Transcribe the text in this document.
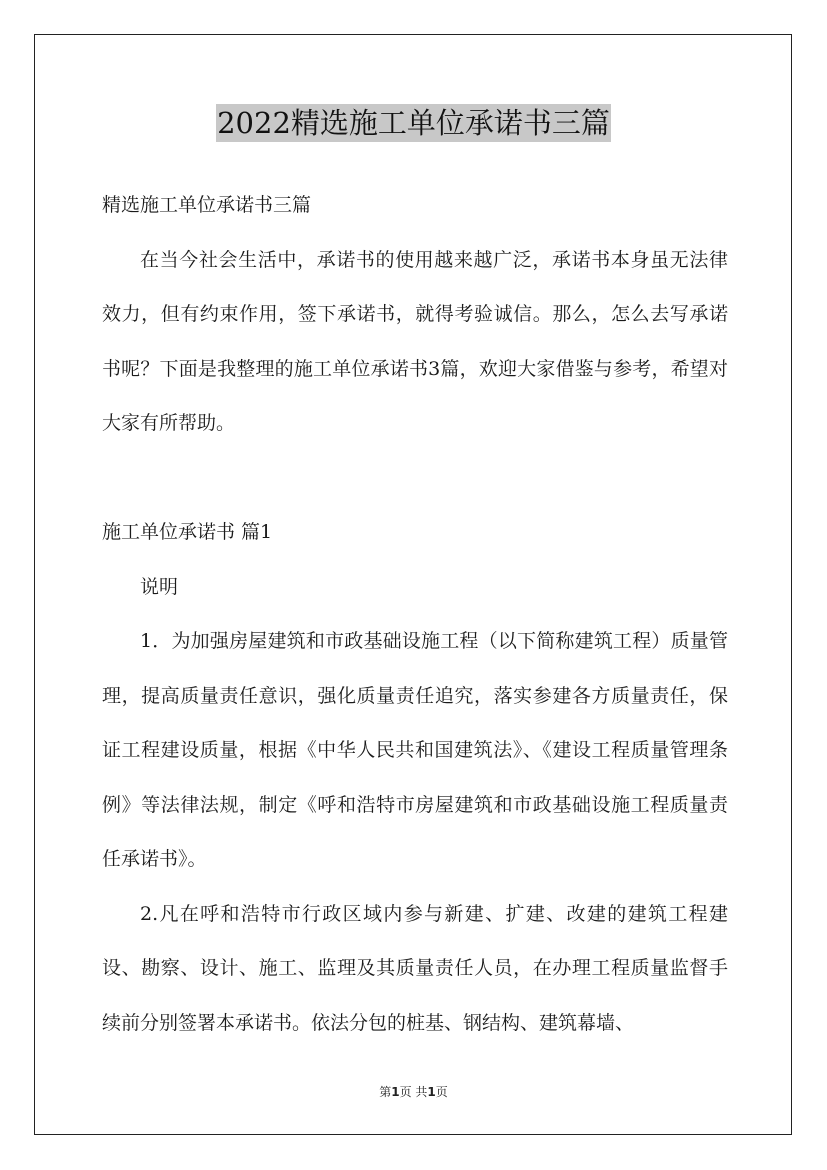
2022精选施工单位承诺书三篇

精选施工单位承诺书三篇

在当今社会生活中，承诺书的使用越来越广泛，承诺书本身虽无法律效力，但有约束作用，签下承诺书，就得考验诚信。那么，怎么去写承诺书呢？下面是我整理的施工单位承诺书3篇，欢迎大家借鉴与参考，希望对大家有所帮助。

施工单位承诺书 篇1

说明

1．为加强房屋建筑和市政基础设施工程（以下简称建筑工程）质量管理，提高质量责任意识，强化质量责任追究，落实参建各方质量责任，保证工程建设质量，根据《中华人民共和国建筑法》、《建设工程质量管理条例》等法律法规，制定《呼和浩特市房屋建筑和市政基础设施工程质量责任承诺书》。

2.凡在呼和浩特市行政区域内参与新建、扩建、改建的建筑工程建设、勘察、设计、施工、监理及其质量责任人员，在办理工程质量监督手续前分别签署本承诺书。依法分包的桩基、钢结构、建筑幕墙、

第1页 共1页
